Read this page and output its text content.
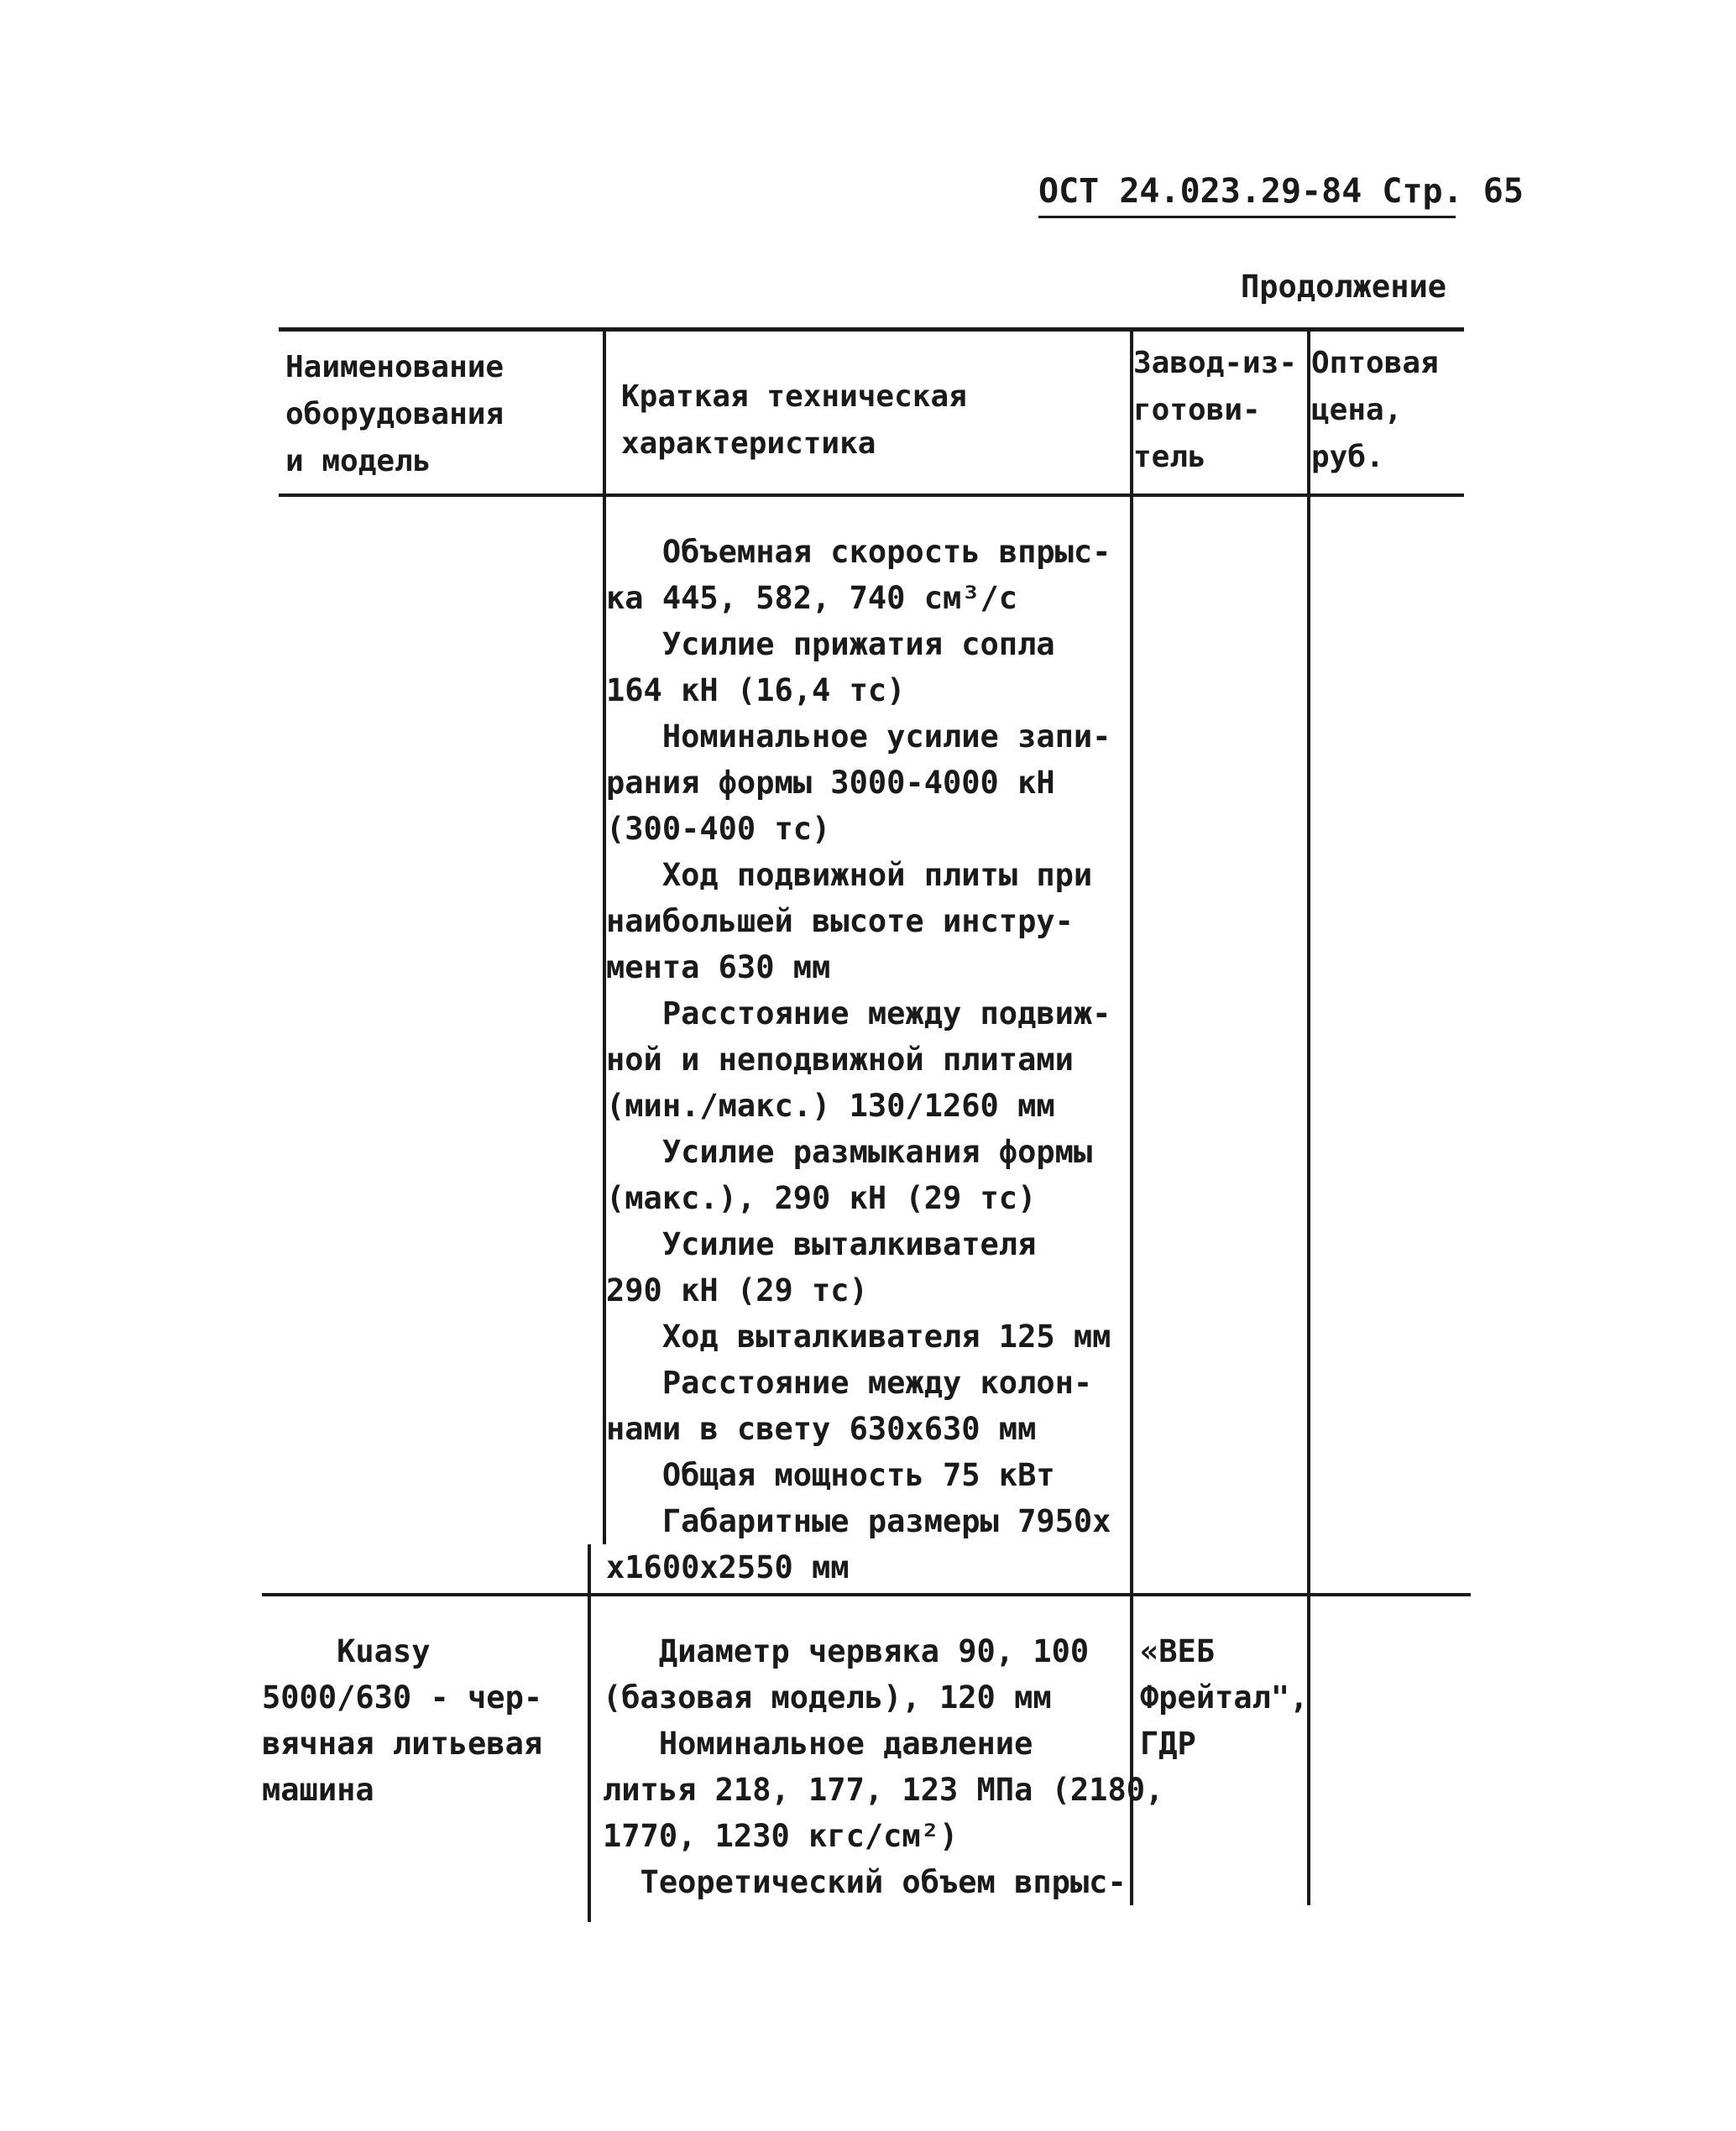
ОСТ 24.023.29-84 Стр. 65
Продолжение
Наименование
оборудования
и модель
Краткая техническая
характеристика
Завод-из-
готови-
тель
Оптовая
цена,
руб.
Объемная скорость впрыс-
ка 445, 582, 740 см³/с
Усилие прижатия сопла
164 кН (16,4 тс)
Номинальное усилие запи-
рания формы 3000-4000 кН
(300-400 тс)
Ход подвижной плиты при
наибольшей высоте инстру-
мента 630 мм
Расстояние между подвиж-
ной и неподвижной плитами
(мин./макс.) 130/1260 мм
Усилие размыкания формы
(макс.), 290 кН (29 тс)
Усилие выталкивателя
290 кН (29 тс)
Ход выталкивателя 125 мм
Расстояние между колон-
нами в свету 630x630 мм
Общая мощность 75 кВт
Габаритные размеры 7950х
х1600х2550 мм
Kuasy
5000/630 - чер-
вячная литьевая
машина
Диаметр червяка 90, 100
(базовая модель), 120 мм
Номинальное давление
литья 218, 177, 123 МПа (2180,
1770, 1230 кгс/см²)
Теоретический объем впрыс-
«ВЕБ
Фрейтал",
ГДР
